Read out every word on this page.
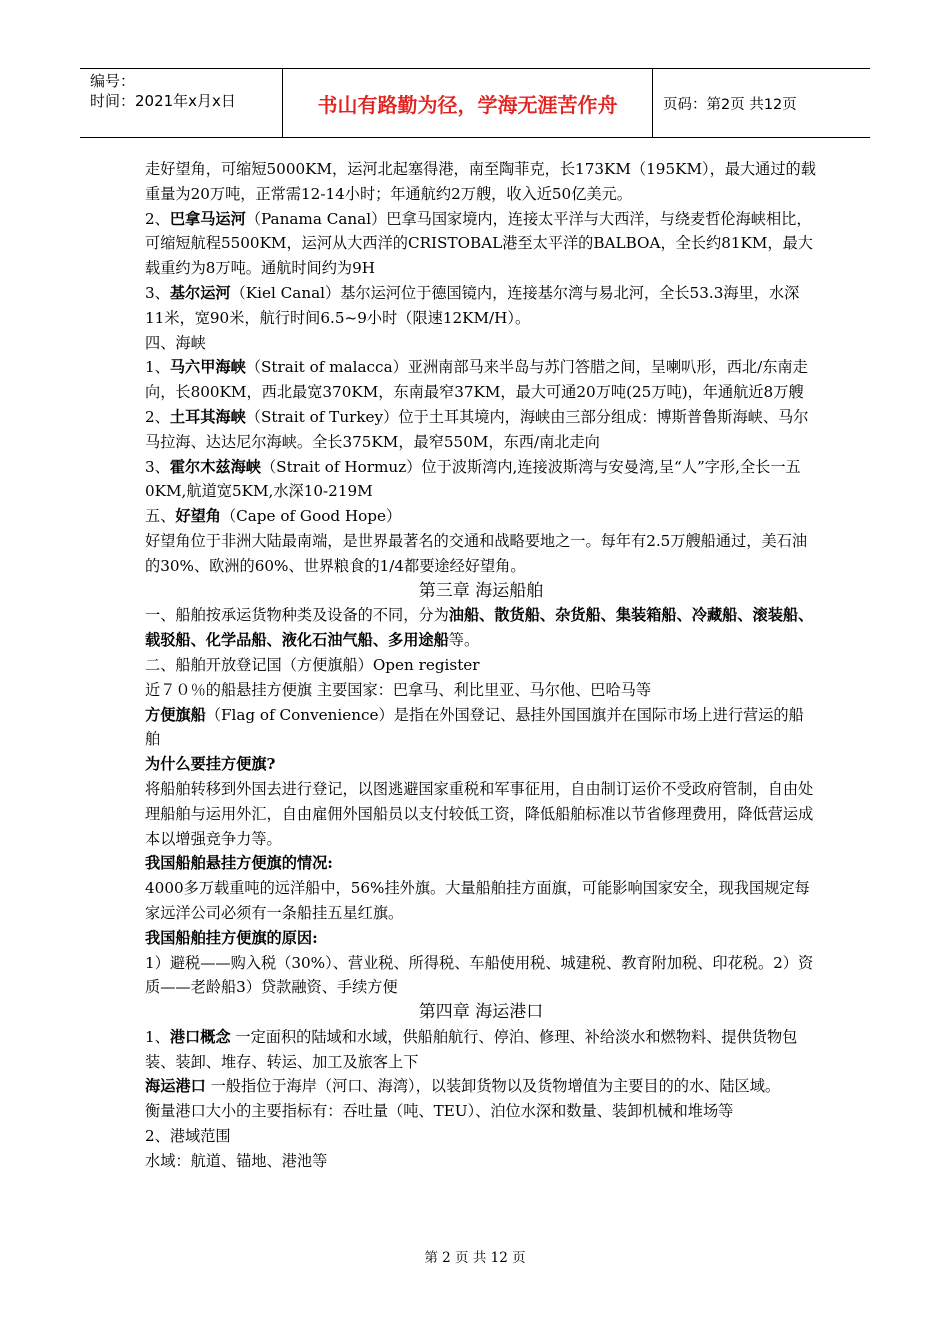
编号：
时间：2021年x月x日	书山有路勤为径，学海无涯苦作舟	页码：第2页 共12页

走好望角，可缩短5000KM，运河北起塞得港，南至陶菲克，长173KM（195KM），最大通过的载重量为20万吨，正常需12-14小时；年通航约2万艘，收入近50亿美元。

2、巴拿马运河（Panama Canal）巴拿马国家境内，连接太平洋与大西洋，与绕麦哲伦海峡相比，可缩短航程5500KM，运河从大西洋的CRISTOBAL港至太平洋的BALBOA，全长约81KM，最大载重约为8万吨。通航时间约为9H

3、基尔运河（Kiel Canal）基尔运河位于德国镜内，连接基尔湾与易北河，全长53.3海里，水深11米，宽90米，航行时间6.5~9小时（限速12KM/H）。

四、海峡

1、马六甲海峡（Strait of malacca）亚洲南部马来半岛与苏门答腊之间，呈喇叭形，西北/东南走向，长800KM，西北最宽370KM，东南最窄37KM，最大可通20万吨(25万吨)，年通航近8万艘

2、土耳其海峡（Strait of Turkey）位于土耳其境内，海峡由三部分组成：博斯普鲁斯海峡、马尔马拉海、达达尼尔海峡。全长375KM，最窄550M，东西/南北走向

3、霍尔木兹海峡（Strait of Hormuz）位于波斯湾内,连接波斯湾与安曼湾,呈“人”字形,全长一五0KM,航道宽5KM,水深10-219M

五、好望角（Cape of Good Hope）

好望角位于非洲大陆最南端，是世界最著名的交通和战略要地之一。每年有2.5万艘船通过，美石油的30%、欧洲的60%、世界粮食的1/4都要途经好望角。

第三章 海运船舶

一、船舶按承运货物种类及设备的不同，分为油船、散货船、杂货船、集装箱船、冷藏船、滚装船、载驳船、化学品船、液化石油气船、多用途船等。

二、船舶开放登记国（方便旗船）Open register

近７０％的船悬挂方便旗 主要国家：巴拿马、利比里亚、马尔他、巴哈马等

方便旗船（Flag of Convenience）是指在外国登记、悬挂外国国旗并在国际市场上进行营运的船舶

为什么要挂方便旗?

将船舶转移到外国去进行登记，以图逃避国家重税和军事征用，自由制订运价不受政府管制，自由处理船舶与运用外汇，自由雇佣外国船员以支付较低工资，降低船舶标准以节省修理费用，降低营运成本以增强竞争力等。

我国船舶悬挂方便旗的情况:

4000多万载重吨的远洋船中，56%挂外旗。大量船舶挂方面旗，可能影响国家安全，现我国规定每家远洋公司必须有一条船挂五星红旗。

我国船舶挂方便旗的原因:

1）避税——购入税（30%）、营业税、所得税、车船使用税、城建税、教育附加税、印花税。2）资质——老龄船3）贷款融资、手续方便

第四章 海运港口

1、港口概念 一定面积的陆域和水域，供船舶航行、停泊、修理、补给淡水和燃物料、提供货物包装、装卸、堆存、转运、加工及旅客上下

海运港口 一般指位于海岸（河口、海湾），以装卸货物以及货物增值为主要目的的水、陆区域。

衡量港口大小的主要指标有：吞吐量（吨、TEU）、泊位水深和数量、装卸机械和堆场等

2、港域范围

水域：航道、锚地、港池等

第 2 页 共 12 页
